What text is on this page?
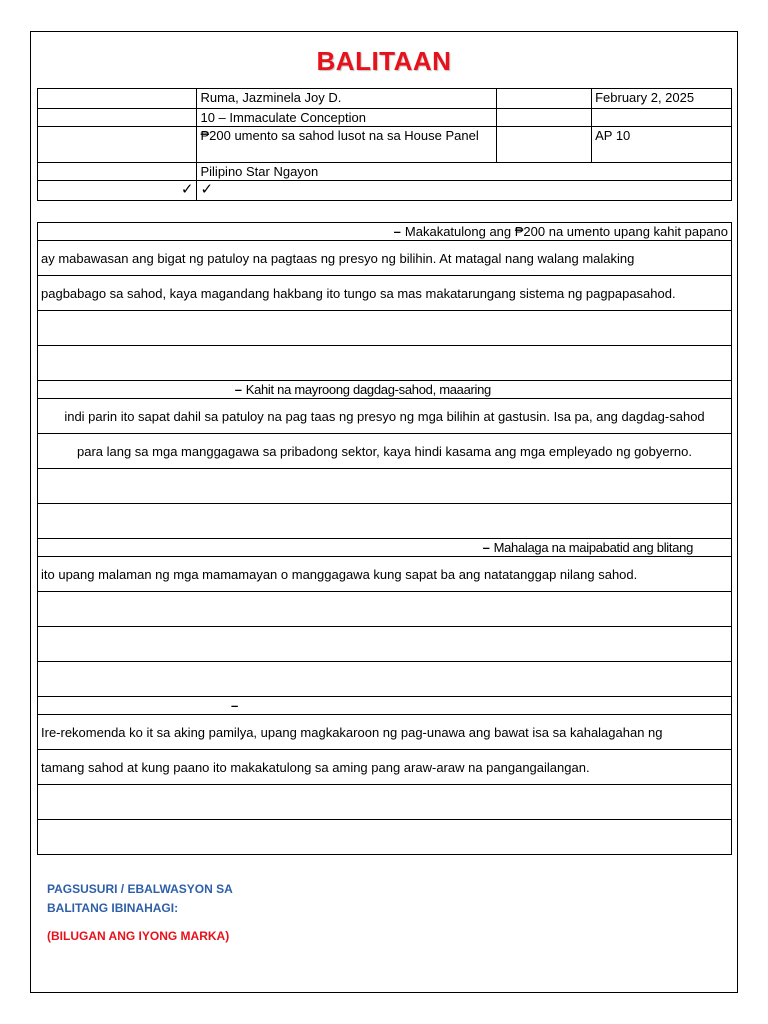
BALITAAN
	Ruma, Jazminela Joy D.		February 2, 2025
	10 – Immaculate Conception		
	₱200 umento sa sahod lusot na sa House Panel		AP 10
	Pilipino Star Ngayon		
✓	✓		
– Makakatulong ang ₱200 na umento upang kahit papano
ay mabawasan ang bigat ng patuloy na pagtaas ng presyo ng bilihin. At matagal nang walang malaking
pagbabago sa sahod, kaya magandang hakbang ito tungo sa mas makatarungang sistema ng pagpapasahod.

– Kahit na mayroong dagdag-sahod, maaaring
indi parin ito sapat dahil sa patuloy na pag taas ng presyo ng mga bilihin at gastusin. Isa pa, ang dagdag-sahod
para lang sa mga manggagawa sa pribadong sektor, kaya hindi kasama ang mga empleyado ng gobyerno.

– Mahalaga na maipabatid ang blitang
ito upang malaman ng mga mamamayan o manggagawa kung sapat ba ang natatanggap nilang sahod.

–
Ire-rekomenda ko it sa aking pamilya, upang magkakaroon ng pag-unawa ang bawat isa sa kahalagahan ng
tamang sahod at kung paano ito makakatulong sa aming pang araw-araw na pangangailangan.

PAGSUSURI / EBALWASYON SA
BALITANG IBINAHAGI:
(BILUGAN ANG IYONG MARKA)
